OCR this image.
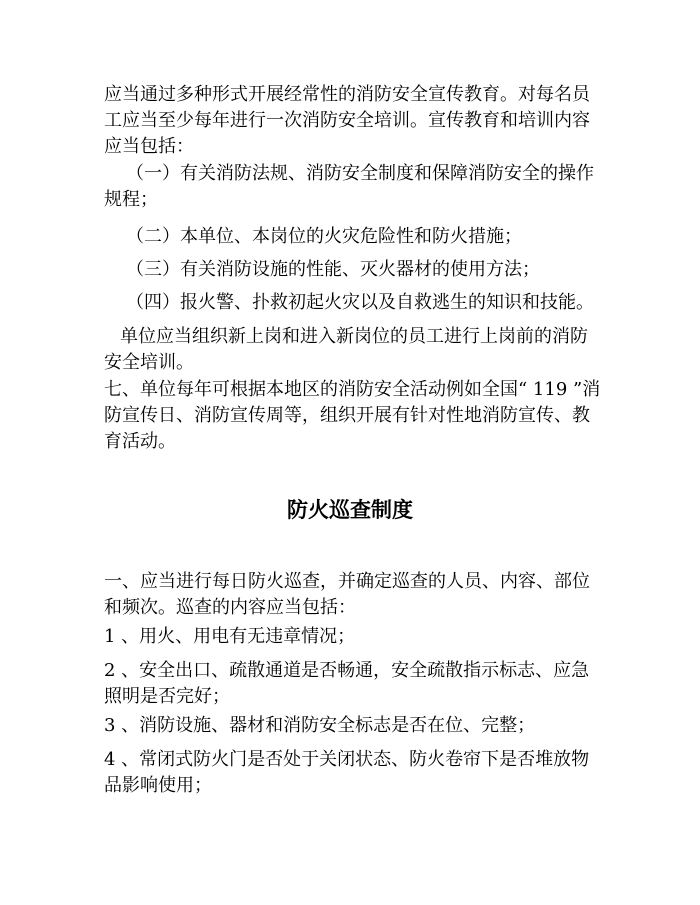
应当通过多种形式开展经常性的消防安全宣传教育。对每名员工应当至少每年进行一次消防安全培训。宣传教育和培训内容应当包括：

（一）有关消防法规、消防安全制度和保障消防安全的操作规程；

（二）本单位、本岗位的火灾危险性和防火措施；

（三）有关消防设施的性能、灭火器材的使用方法；

（四）报火警、扑救初起火灾以及自救逃生的知识和技能。

单位应当组织新上岗和进入新岗位的员工进行上岗前的消防安全培训。

七、单位每年可根据本地区的消防安全活动例如全国“ 119 ”消防宣传日、消防宣传周等，组织开展有针对性地消防宣传、教育活动。

防火巡查制度

一、应当进行每日防火巡查，并确定巡查的人员、内容、部位和频次。巡查的内容应当包括：

1 、用火、用电有无违章情况；

2 、安全出口、疏散通道是否畅通，安全疏散指示标志、应急照明是否完好；

3 、消防设施、器材和消防安全标志是否在位、完整；

4 、常闭式防火门是否处于关闭状态、防火卷帘下是否堆放物品影响使用；
